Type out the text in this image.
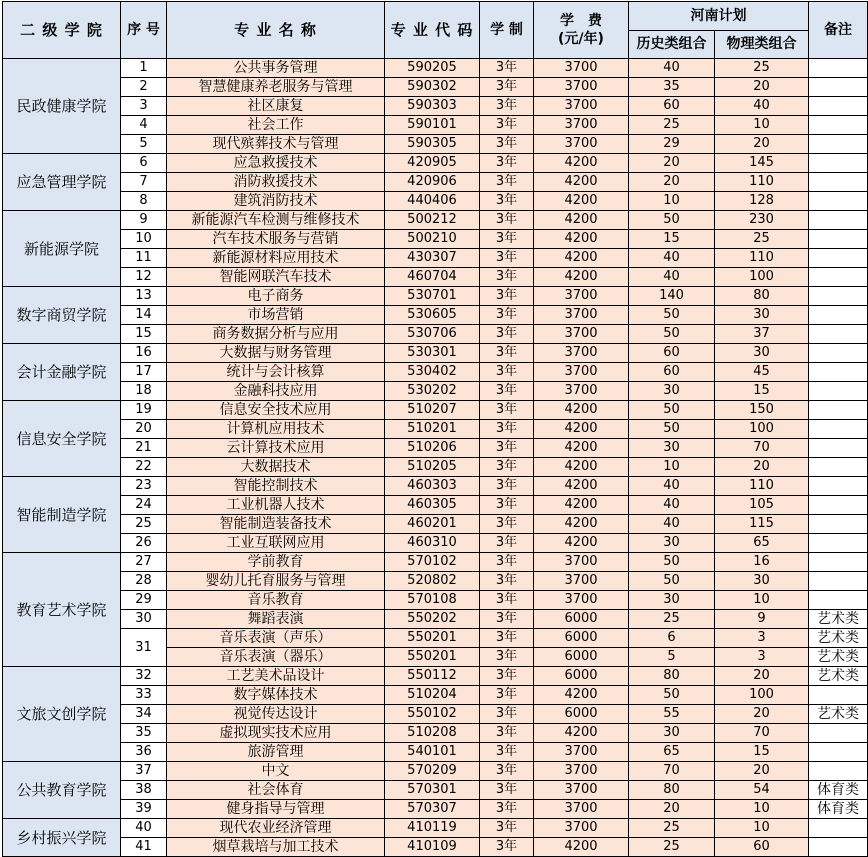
二 级 学 院	序 号	专 业 名 称	专 业 代 码	学 制	学　费
(元/年)	河南计划		备注
						历史类组合	物理类组合	
民政健康学院	1	公共事务管理	590205	3年	3700	40	25	
	2	智慧健康养老服务与管理	590302	3年	3700	35	20	
	3	社区康复	590303	3年	3700	60	40	
	4	社会工作	590101	3年	3700	25	10	
	5	现代殡葬技术与管理	590305	3年	3700	29	20	
应急管理学院	6	应急救援技术	420905	3年	4200	20	145	
	7	消防救援技术	420906	3年	4200	20	110	
	8	建筑消防技术	440406	3年	4200	10	128	
新能源学院	9	新能源汽车检测与维修技术	500212	3年	4200	50	230	
	10	汽车技术服务与营销	500210	3年	4200	15	25	
	11	新能源材料应用技术	430307	3年	4200	40	110	
	12	智能网联汽车技术	460704	3年	4200	40	100	
数字商贸学院	13	电子商务	530701	3年	3700	140	80	
	14	市场营销	530605	3年	3700	50	30	
	15	商务数据分析与应用	530706	3年	3700	50	37	
会计金融学院	16	大数据与财务管理	530301	3年	3700	60	30	
	17	统计与会计核算	530402	3年	3700	60	45	
	18	金融科技应用	530202	3年	3700	30	15	
信息安全学院	19	信息安全技术应用	510207	3年	4200	50	150	
	20	计算机应用技术	510201	3年	4200	50	100	
	21	云计算技术应用	510206	3年	4200	30	70	
	22	大数据技术	510205	3年	4200	10	20	
智能制造学院	23	智能控制技术	460303	3年	4200	40	110	
	24	工业机器人技术	460305	3年	4200	40	105	
	25	智能制造装备技术	460201	3年	4200	40	115	
	26	工业互联网应用	460310	3年	4200	30	65	
教育艺术学院	27	学前教育	570102	3年	3700	50	16	
	28	婴幼儿托育服务与管理	520802	3年	3700	50	30	
	29	音乐教育	570108	3年	3700	30	10	
	30	舞蹈表演	550202	3年	6000	25	9	艺术类
	31	音乐表演（声乐）	550201	3年	6000	6	3	艺术类
		音乐表演（器乐）	550201	3年	6000	5	3	艺术类
文旅文创学院	32	工艺美术品设计	550112	3年	6000	80	20	艺术类
	33	数字媒体技术	510204	3年	4200	50	100	
	34	视觉传达设计	550102	3年	6000	55	20	艺术类
	35	虚拟现实技术应用	510208	3年	4200	30	70	
	36	旅游管理	540101	3年	3700	65	15	
公共教育学院	37	中文	570209	3年	3700	70	20	
	38	社会体育	570301	3年	3700	80	54	体育类
	39	健身指导与管理	570307	3年	3700	20	10	体育类
乡村振兴学院	40	现代农业经济管理	410119	3年	3700	25	10	
	41	烟草栽培与加工技术	410109	3年	4200	25	60	
